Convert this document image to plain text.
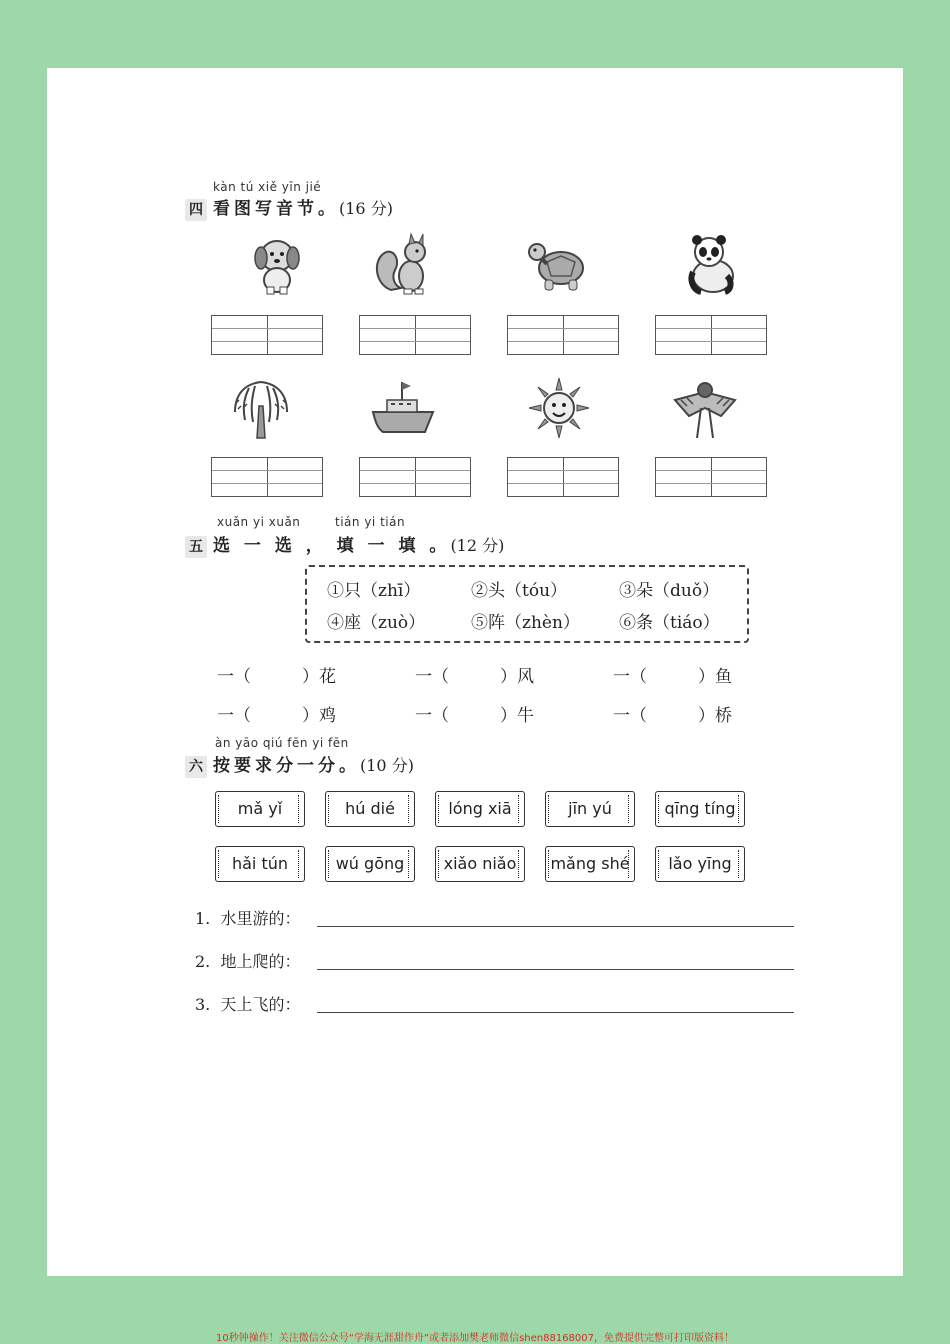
kàn tú xiě yīn jié
四 看图写音节。(16 分)
xuǎn yi xuǎn	tián yi tián
五 选 一 选 ， 填 一 填 。(12 分)
①只（zhī）	②头（tóu）	③朵（duǒ）
④座（zuò）	⑤阵（zhèn） ⑥条（tiáo）
一（　　　）花	一（　　　）风	一（　　　）鱼
一（　　　）鸡	一（　　　）牛	一（　　　）桥
àn yāo qiú fēn yi fēn
六 按要求分一分。(10 分)
mǎ yǐ	hú dié	lóng xiā	jīn yú	qīng tíng
hǎi tún	wú gōng	xiǎo niǎo	mǎng shé	lǎo yīng
1. 水里游的：
2. 地上爬的：
3. 天上飞的：
10秒钟操作！关注微信公众号“学海无涯甜作舟”或者添加樊老师微信shen88168007，免费提供完整可打印版资料！
